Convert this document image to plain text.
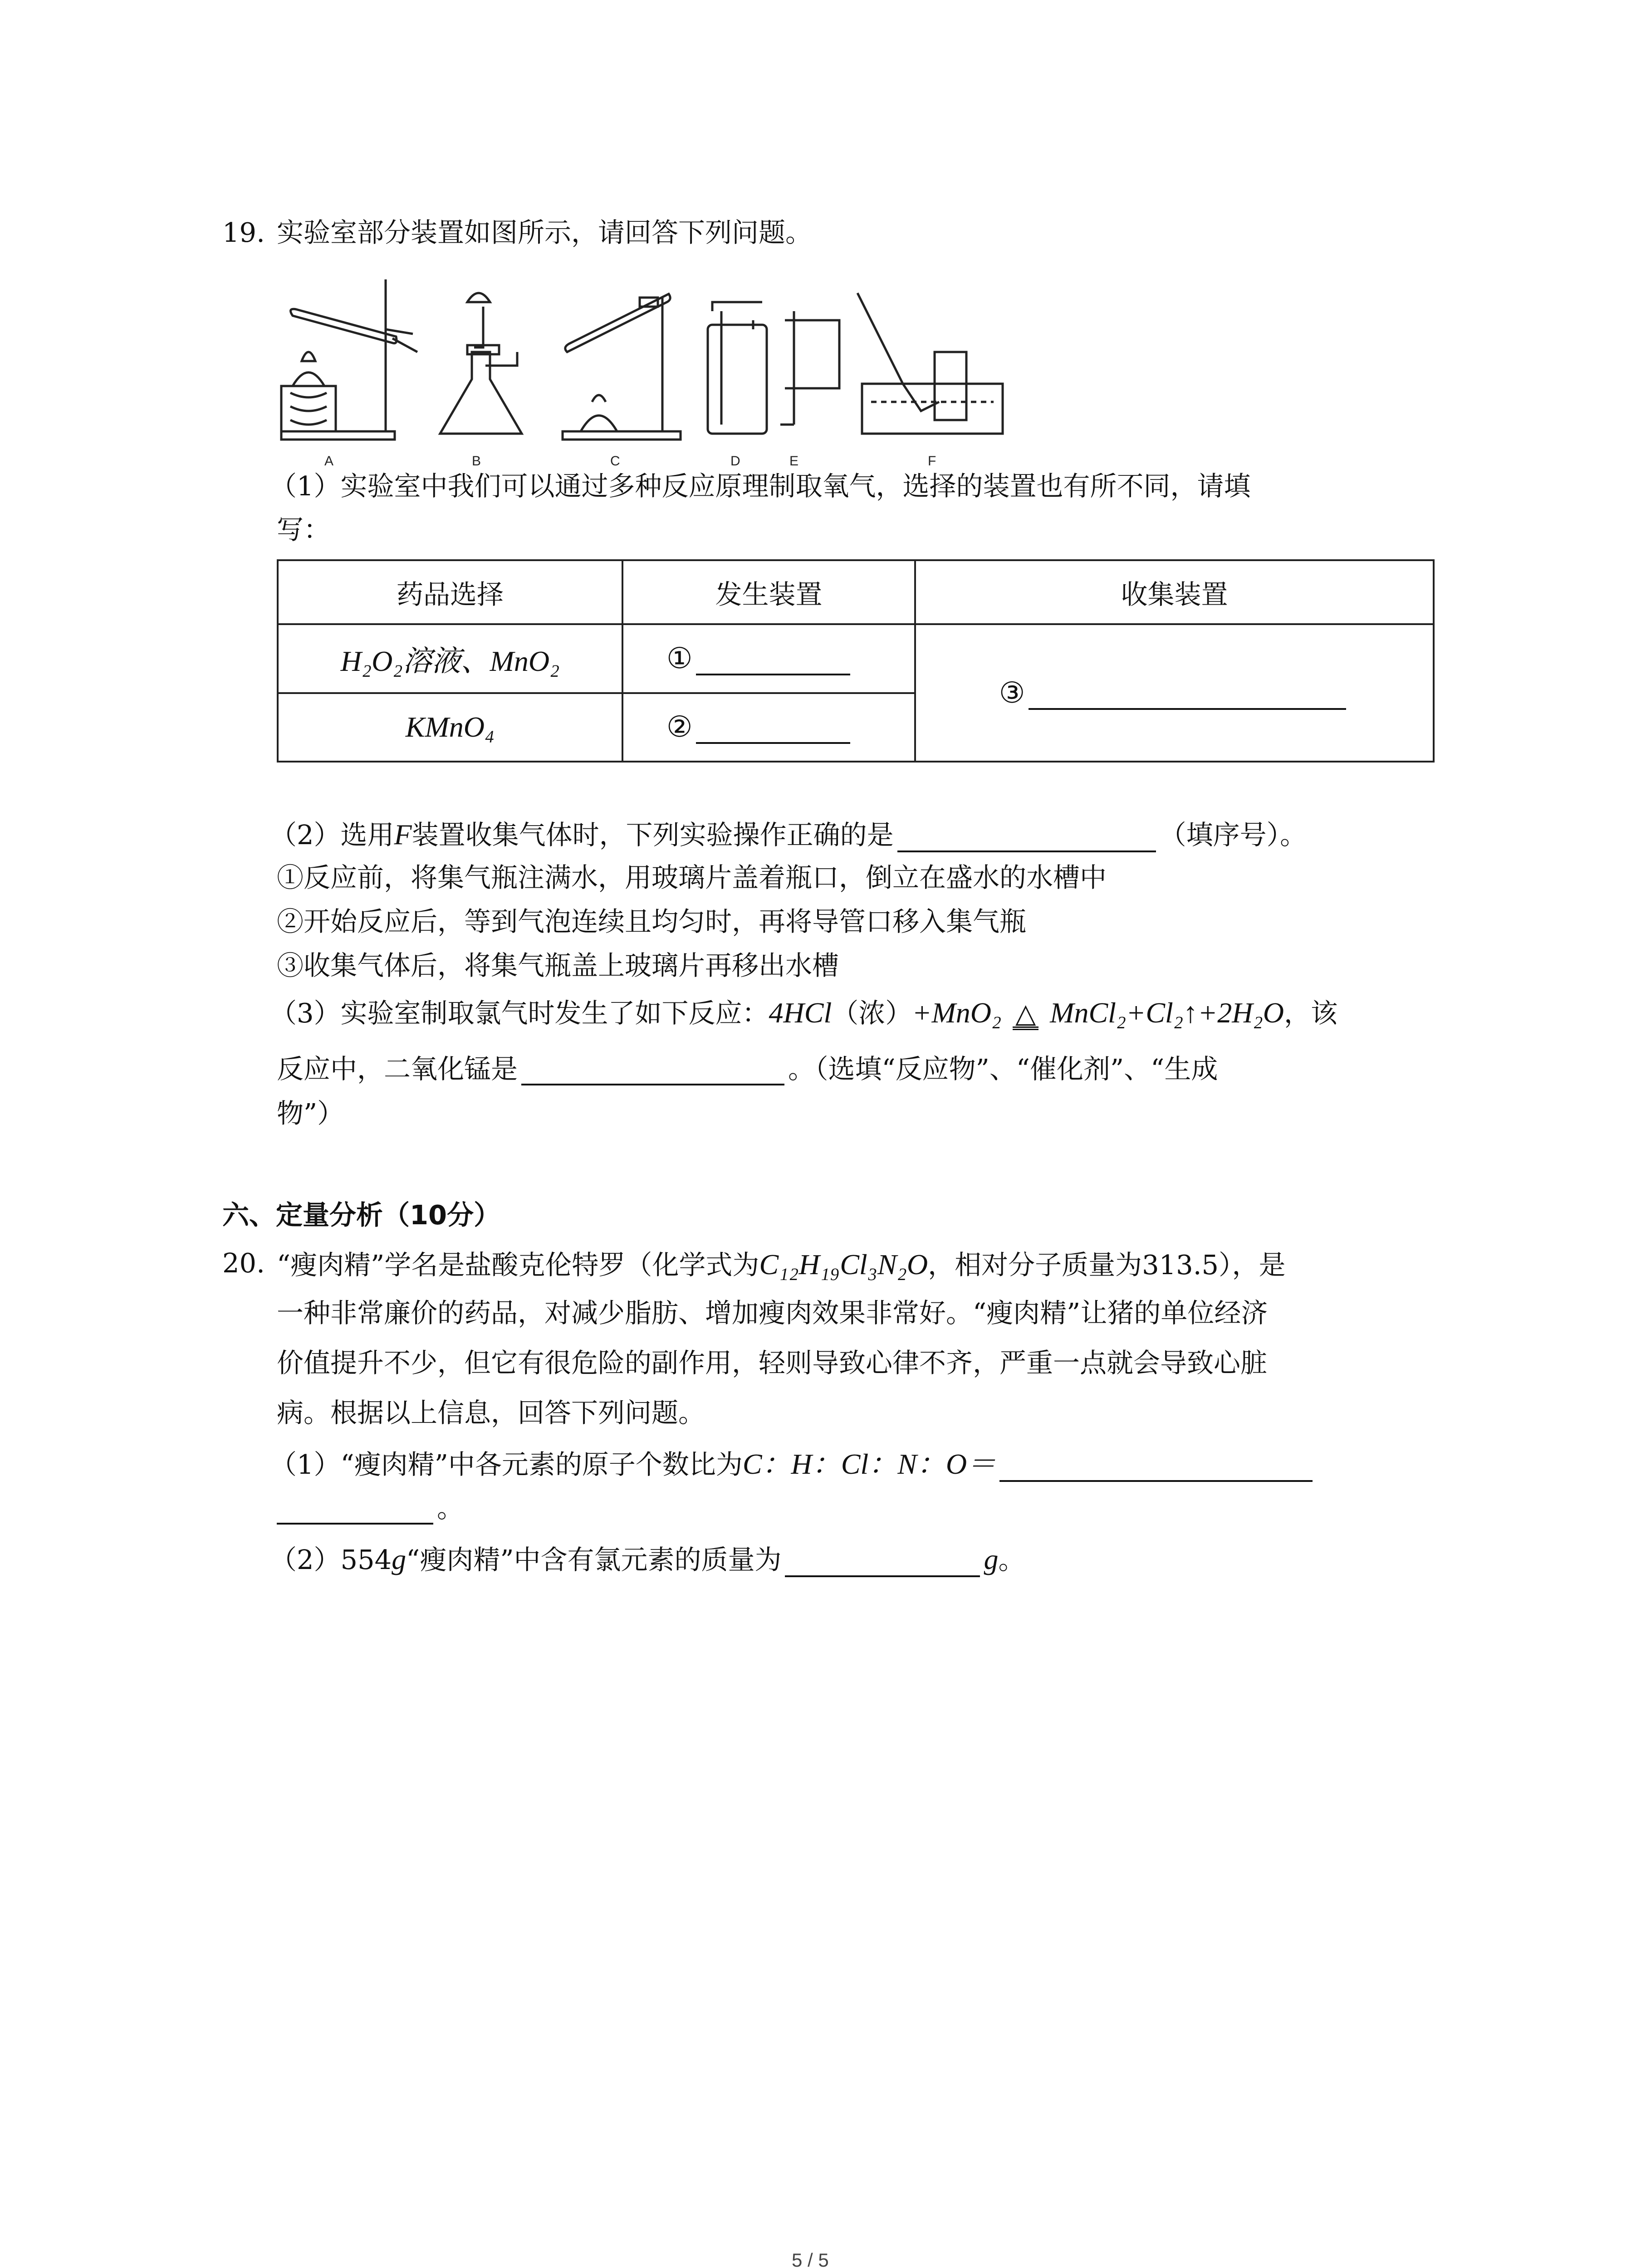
19. 实验室部分装置如图所示，请回答下列问题。
A	B	C	D	E	F
（1）实验室中我们可以通过多种反应原理制取氧气，选择的装置也有所不同，请填
写：
药品选择	发生装置	收集装置
H₂O₂溶液、MnO₂	①	③
KMnO₄	②	
（2）选用F装置收集气体时，下列实验操作正确的是	（填序号）。
①反应前，将集气瓶注满水，用玻璃片盖着瓶口，倒立在盛水的水槽中
②开始反应后，等到气泡连续且均匀时，再将导管口移入集气瓶
③收集气体后，将集气瓶盖上玻璃片再移出水槽
（3）实验室制取氯气时发生了如下反应：4HCl（浓）+MnO₂ △ MnCl₂+Cl₂↑+2H₂O，该
反应中，二氧化锰是	。（选填“反应物”、“催化剂”、“生成
物”）
六、定量分析（10分）
20. “瘦肉精”学名是盐酸克伦特罗（化学式为C₁₂H₁₉Cl₃N₂O，相对分子质量为313.5），是
一种非常廉价的药品，对减少脂肪、增加瘦肉效果非常好。“瘦肉精”让猪的单位经济
价值提升不少，但它有很危险的副作用，轻则导致心律不齐，严重一点就会导致心脏
病。根据以上信息，回答下列问题。
（1）“瘦肉精”中各元素的原子个数比为C：H：Cl：N：O＝
。
（2）554g“瘦肉精”中含有氯元素的质量为	g。
5 / 5
